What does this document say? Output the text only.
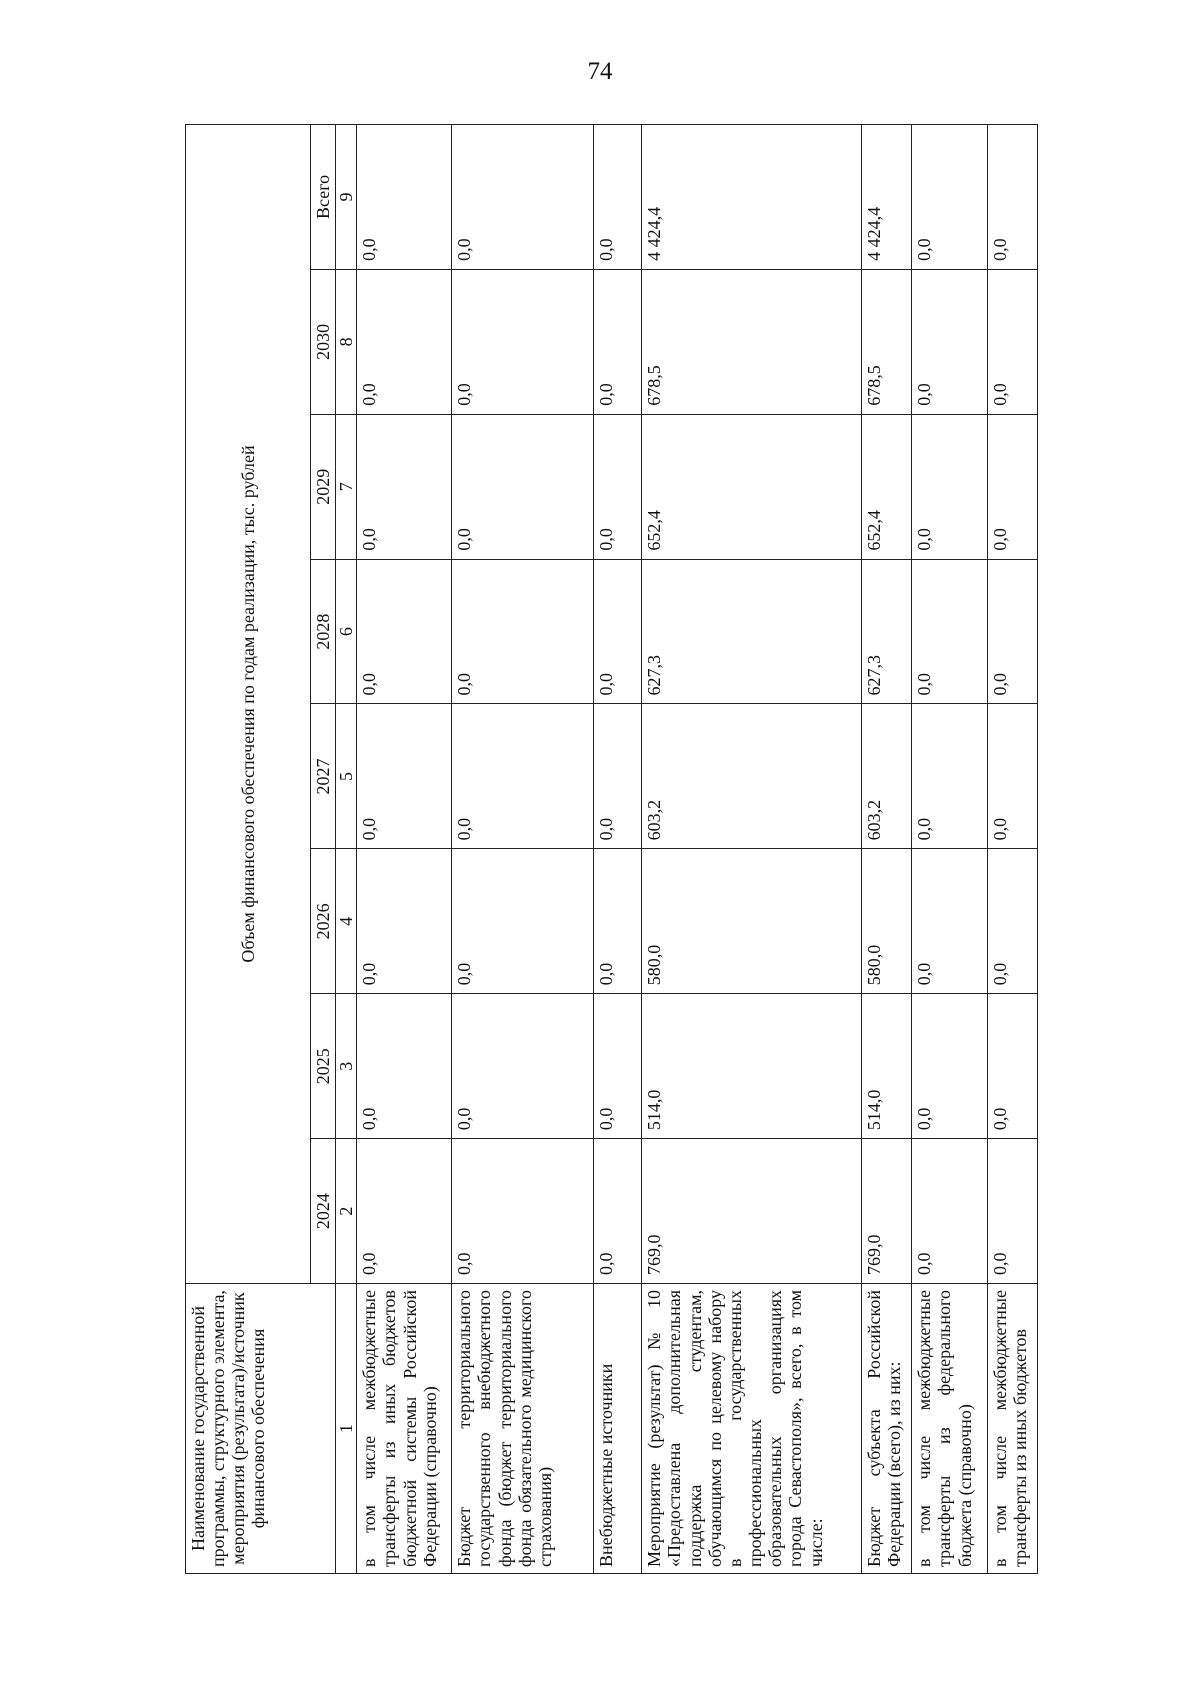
74
Наименование государственной программы, структурного элемента, мероприятия (результата)/источник финансового обеспечения	Объем финансового обеспечения по годам реализации, тыс. рублей							
	2024	2025	2026	2027	2028	2029	2030	Всего
1	2	3	4	5	6	7	8	9
в том числе межбюджетные трансферты из иных бюджетов бюджетной системы Российской Федерации (справочно)	0,0	0,0	0,0	0,0	0,0	0,0	0,0	0,0
Бюджет территориального государственного внебюджетного фонда (бюджет территориального фонда обязательного медицинского страхования)	0,0	0,0	0,0	0,0	0,0	0,0	0,0	0,0
Внебюджетные источники	0,0	0,0	0,0	0,0	0,0	0,0	0,0	0,0
Мероприятие (результат) № 10 «Предоставлена дополнительная поддержка студентам, обучающимся по целевому набору в государственных профессиональных образовательных организациях города Севастополя», всего, в том числе:	769,0	514,0	580,0	603,2	627,3	652,4	678,5	4 424,4
Бюджет субъекта Российской Федерации (всего), из них:	769,0	514,0	580,0	603,2	627,3	652,4	678,5	4 424,4
в том числе межбюджетные трансферты из федерального бюджета (справочно)	0,0	0,0	0,0	0,0	0,0	0,0	0,0	0,0
в том числе межбюджетные трансферты из иных бюджетов	0,0	0,0	0,0	0,0	0,0	0,0	0,0	0,0
